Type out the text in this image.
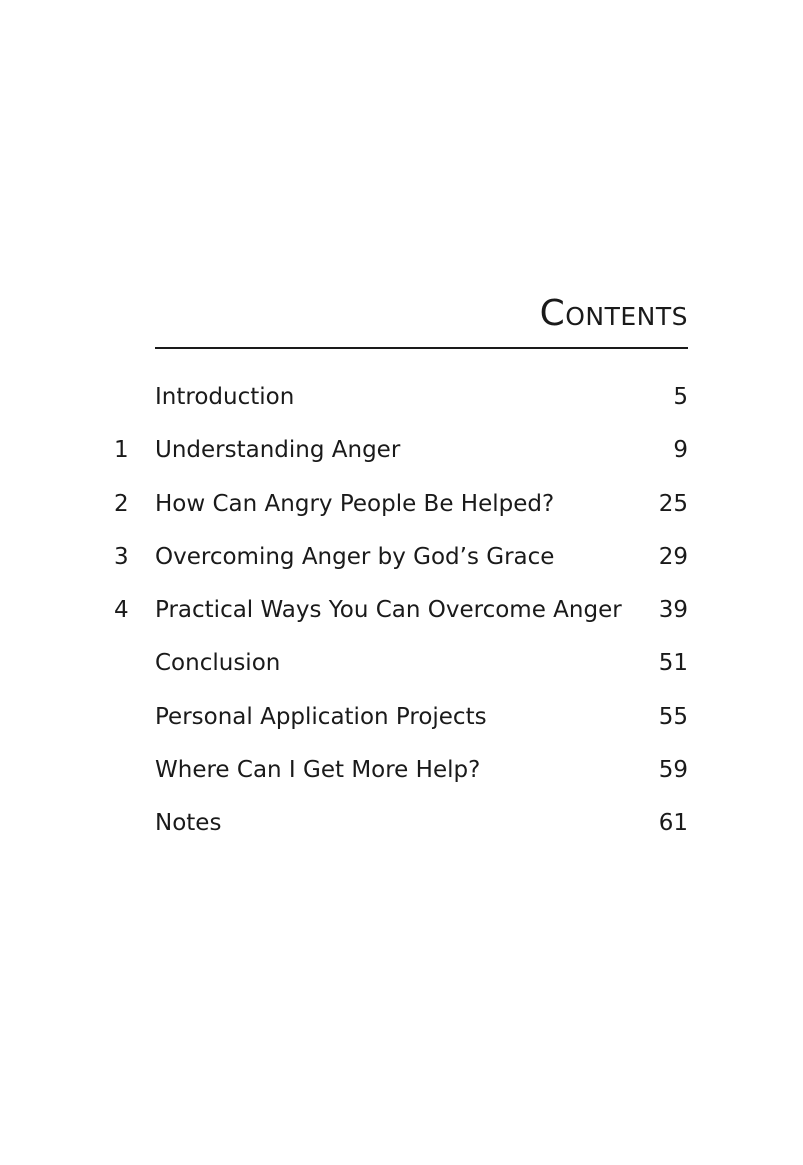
Contents
Introduction	5
1 Understanding Anger	9
2 How Can Angry People Be Helped?	25
3 Overcoming Anger by God’s Grace	29
4 Practical Ways You Can Overcome Anger 39
Conclusion	51
Personal Application Projects	55
Where Can I Get More Help?	59
Notes	61
